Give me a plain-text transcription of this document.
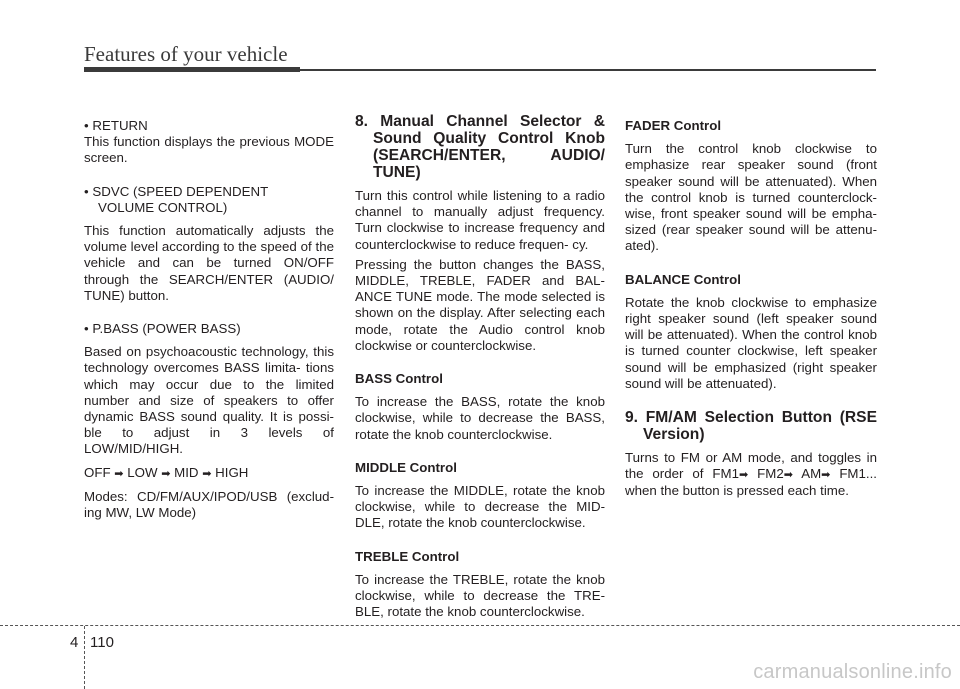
Features of your vehicle

• RETURN

This function displays the previous MODE screen.

• SDVC (SPEED DEPENDENT

VOLUME CONTROL)

This function automatically adjusts the volume level according to the speed of the vehicle and can be turned ON/OFF through the SEARCH/ENTER (AUDIO/ TUNE) button.

• P.BASS (POWER BASS)

Based on psychoacoustic technology, this technology overcomes BASS limita- tions which may occur due to the limited number and size of speakers to offer dynamic BASS sound quality. It is possi- ble to adjust in 3 levels of LOW/MID/HIGH.

OFF ➡ LOW ➡ MID ➡ HIGH

Modes: CD/FM/AUX/IPOD/USB (exclud- ing MW, LW Mode)

8. Manual Channel Selector & Sound Quality Control Knob (SEARCH/ENTER, AUDIO/ TUNE)

Turn this control while listening to a radio channel to manually adjust frequency. Turn clockwise to increase frequency and counterclockwise to reduce frequen- cy.

Pressing the button changes the BASS, MIDDLE, TREBLE, FADER and BAL- ANCE TUNE mode. The mode selected is shown on the display. After selecting each mode, rotate the Audio control knob clockwise or counterclockwise.

BASS Control

To increase the BASS, rotate the knob clockwise, while to decrease the BASS, rotate the knob counterclockwise.

MIDDLE Control

To increase the MIDDLE, rotate the knob clockwise, while to decrease the MID- DLE, rotate the knob counterclockwise.

TREBLE Control

To increase the TREBLE, rotate the knob clockwise, while to decrease the TRE- BLE, rotate the knob counterclockwise.

FADER Control

Turn the control knob clockwise to emphasize rear speaker sound (front speaker sound will be attenuated). When the control knob is turned counterclock- wise, front speaker sound will be empha- sized (rear speaker sound will be attenu- ated).

BALANCE Control

Rotate the knob clockwise to emphasize right speaker sound (left speaker sound will be attenuated). When the control knob is turned counter clockwise, left speaker sound will be emphasized (right speaker sound will be attenuated).

9. FM/AM Selection Button (RSE Version)

Turns to FM or AM mode, and toggles in the order of FM1➡ FM2➡ AM➡ FM1... when the button is pressed each time.

4 110
carmanualsonline.info
